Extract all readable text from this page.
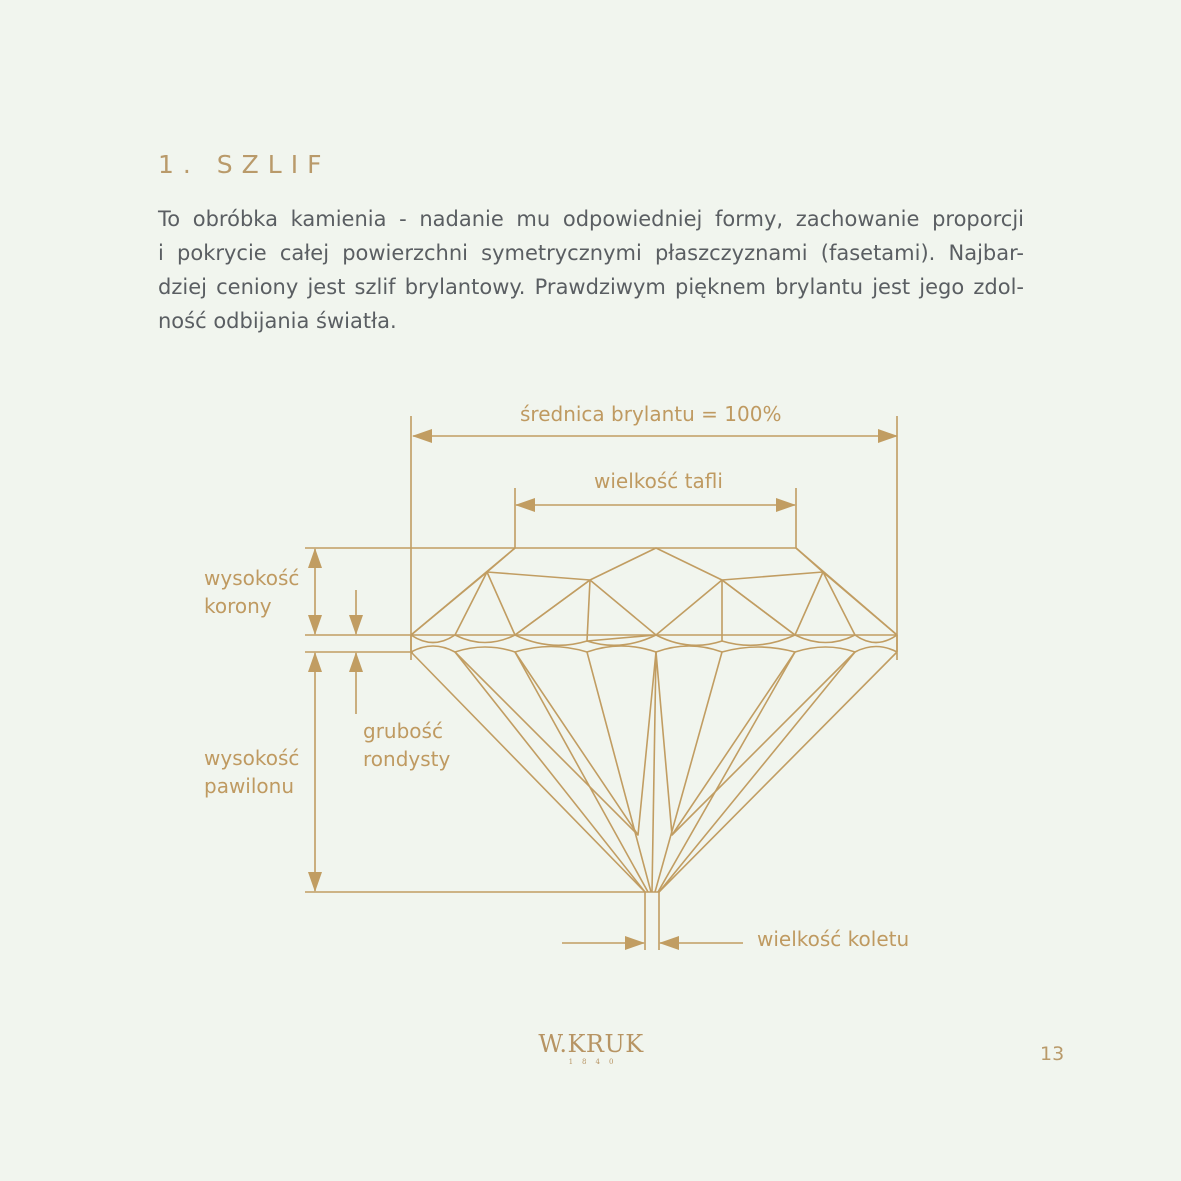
1. SZLIF
To obróbka kamienia - nadanie mu odpowiedniej formy, zachowanie proporcji
i pokrycie całej powierzchni symetrycznymi płaszczyznami (fasetami). Najbar-
dziej ceniony jest szlif brylantowy. Prawdziwym pięknem brylantu jest jego zdol-
ność odbijania światła.
średnica brylantu = 100%
wielkość tafli
wysokość
korony
grubość
rondysty
wysokość
pawilonu
wielkość koletu
W.KRUK
1840	13
